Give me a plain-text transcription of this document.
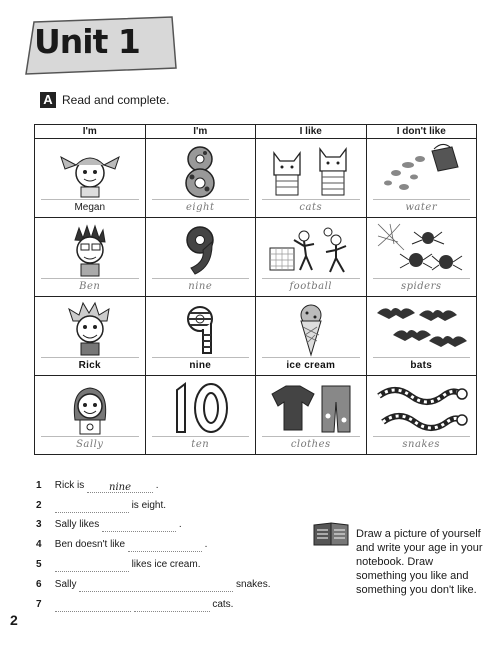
Unit 1
A Read and complete.
I'm	I'm	I like	I don't like

Megan	eight	cats	water

Ben	nine	football	spiders

Rick	nine	ice cream	bats

Sally	ten	clothes	snakes
1 Rick is nine .
2	is eight.
3 Sally likes	.
4 Ben doesn't like	.
5	likes ice cream.
6 Sally	snakes.
7	cats.
Draw a picture of yourself and write your age in your notebook. Draw something you like and something you don't like.
2
